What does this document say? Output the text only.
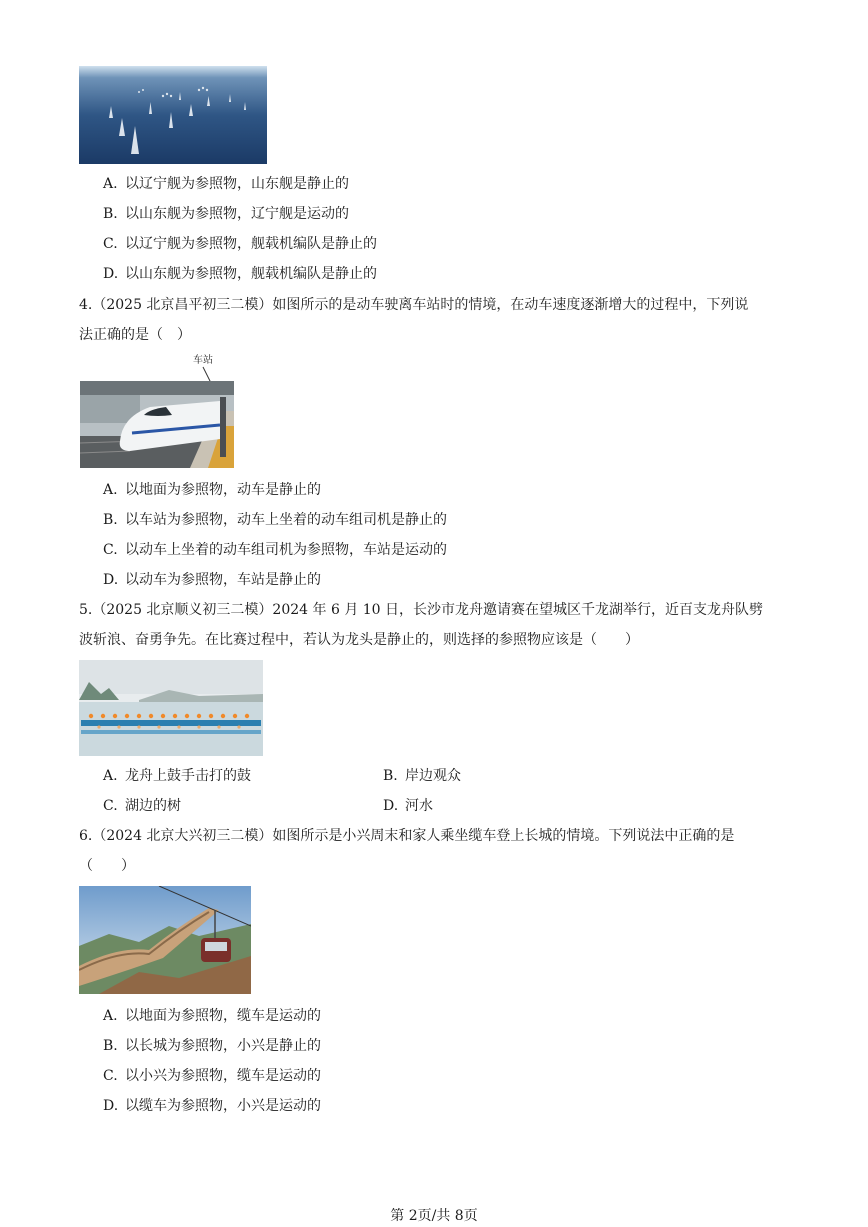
A. 以辽宁舰为参照物，山东舰是静止的
B. 以山东舰为参照物，辽宁舰是运动的
C. 以辽宁舰为参照物，舰载机编队是静止的
D. 以山东舰为参照物，舰载机编队是静止的
4.（2025 北京昌平初三二模）如图所示的是动车驶离车站时的情境，在动车速度逐渐增大的过程中，下列说
法正确的是（　）
车站
A. 以地面为参照物，动车是静止的
B. 以车站为参照物，动车上坐着的动车组司机是静止的
C. 以动车上坐着的动车组司机为参照物，车站是运动的
D. 以动车为参照物，车站是静止的
5.（2025 北京顺义初三二模）2024 年 6 月 10 日，长沙市龙舟邀请赛在望城区千龙湖举行，近百支龙舟队劈
波斩浪、奋勇争先。在比赛过程中，若认为龙头是静止的，则选择的参照物应该是（　　）
A. 龙舟上鼓手击打的鼓	B. 岸边观众
C. 湖边的树	D. 河水
6.（2024 北京大兴初三二模）如图所示是小兴周末和家人乘坐缆车登上长城的情境。下列说法中正确的是
（　　）
A. 以地面为参照物，缆车是运动的
B. 以长城为参照物，小兴是静止的
C. 以小兴为参照物，缆车是运动的
D. 以缆车为参照物，小兴是运动的
第 2页/共 8页
